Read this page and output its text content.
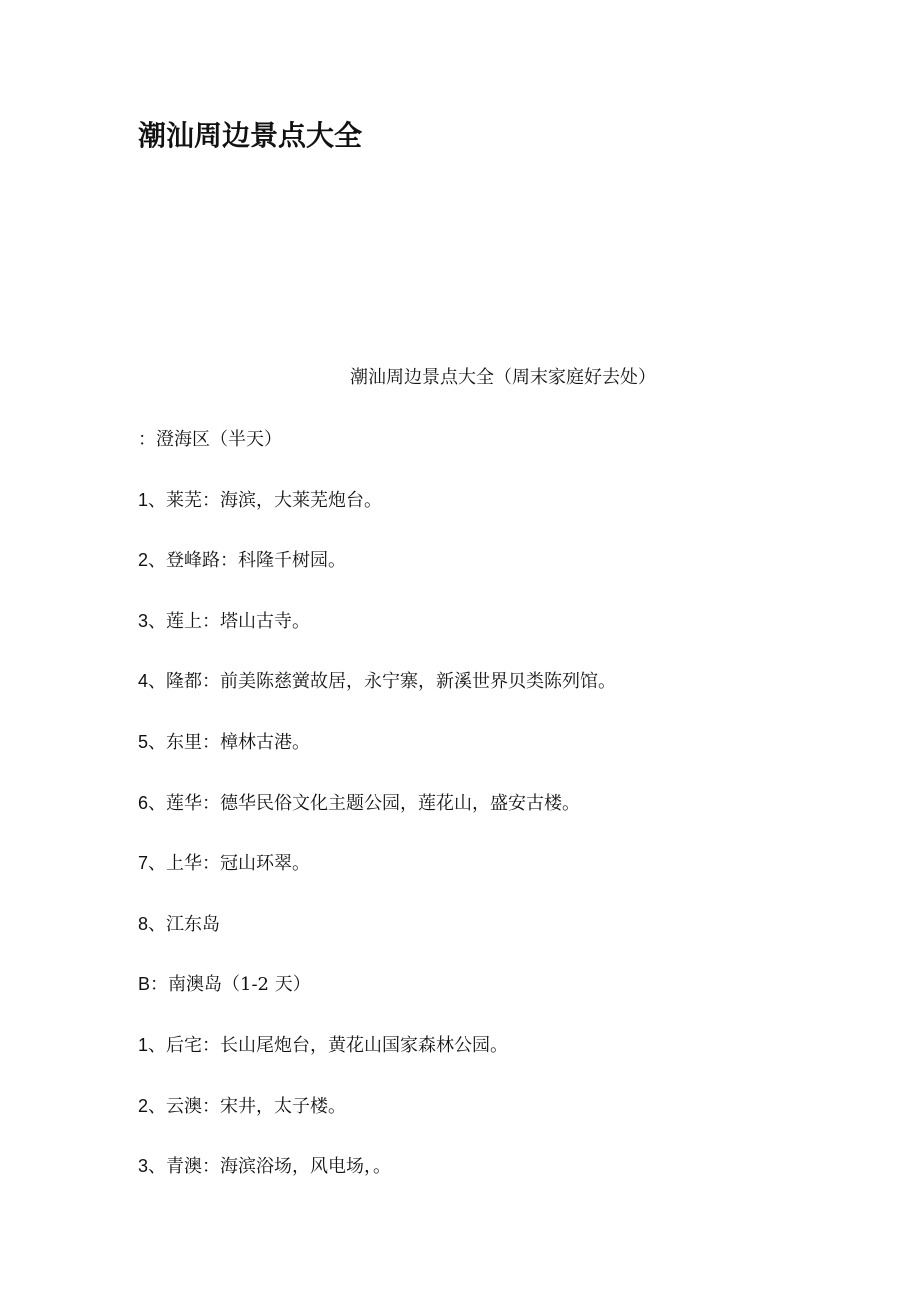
潮汕周边景点大全

潮汕周边景点大全（周末家庭好去处）

：澄海区（半天）
1、莱芜：海滨，大莱芜炮台。
2、登峰路：科隆千树园。
3、莲上：塔山古寺。
4、隆都：前美陈慈黉故居，永宁寨，新溪世界贝类陈列馆。
5、东里：樟林古港。
6、莲华：德华民俗文化主题公园，莲花山，盛安古楼。
7、上华：冠山环翠。
8、江东岛
B：南澳岛（1-2 天）
1、后宅：长山尾炮台，黄花山国家森林公园。
2、云澳：宋井，太子楼。
3、青澳：海滨浴场，风电场，。
